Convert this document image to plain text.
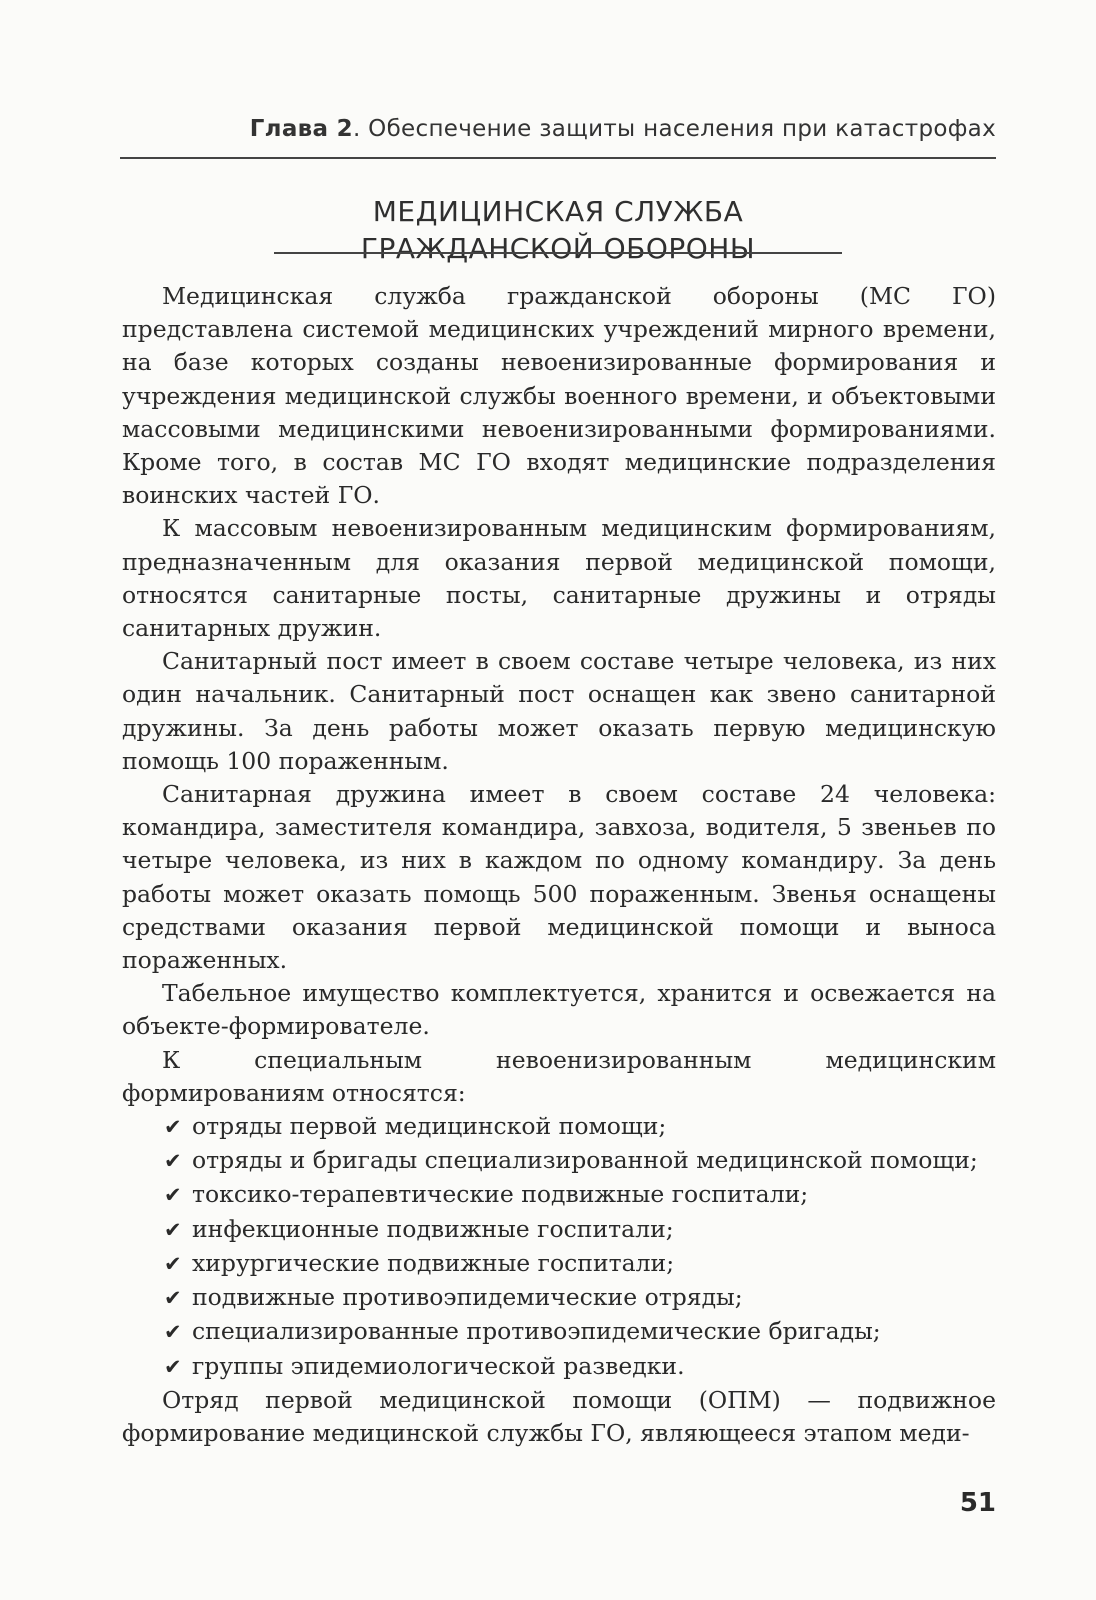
Глава 2. Обеспечение защиты населения при катастрофах
МЕДИЦИНСКАЯ СЛУЖБА
ГРАЖДАНСКОЙ ОБОРОНЫ

Медицинская служба гражданской обороны (МС ГО) представлена системой медицинских учреждений мирного времени, на базе которых созданы невоенизированные формирования и учреждения медицинской службы военного времени, и объектовыми массовыми медицинскими невоенизированными формированиями. Кроме того, в состав МС ГО входят медицинские подразделения воинских частей ГО.

К массовым невоенизированным медицинским формированиям, предназначенным для оказания первой медицинской помощи, относятся санитарные посты, санитарные дружины и отряды санитарных дружин.

Санитарный пост имеет в своем составе четыре человека, из них один начальник. Санитарный пост оснащен как звено санитарной дружины. За день работы может оказать первую медицинскую помощь 100 пораженным.

Санитарная дружина имеет в своем составе 24 человека: командира, заместителя командира, завхоза, водителя, 5 звеньев по четыре человека, из них в каждом по одному командиру. За день работы может оказать помощь 500 пораженным. Звенья оснащены средствами оказания первой медицинской помощи и выноса пораженных.

Табельное имущество комплектуется, хранится и освежается на объекте-формирователе.

К специальным невоенизированным медицинским формированиям относятся:

✔ отряды первой медицинской помощи;
✔ отряды и бригады специализированной медицинской помощи;
✔ токсико-терапевтические подвижные госпитали;
✔ инфекционные подвижные госпитали;
✔ хирургические подвижные госпитали;
✔ подвижные противоэпидемические отряды;
✔ специализированные противоэпидемические бригады;
✔ группы эпидемиологической разведки.

Отряд первой медицинской помощи (ОПМ) — подвижное формирование медицинской службы ГО, являющееся этапом меди-

51
